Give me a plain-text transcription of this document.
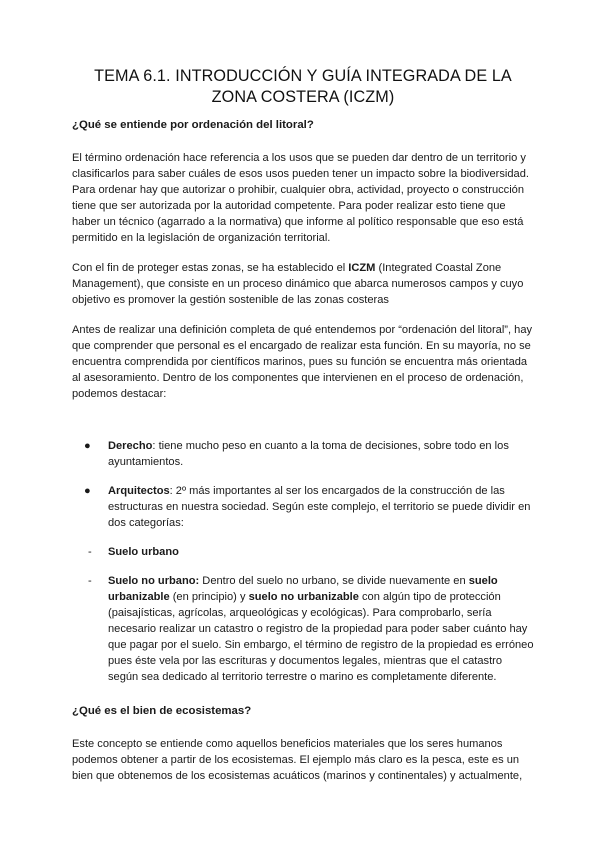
TEMA 6.1. INTRODUCCIÓN Y GUÍA INTEGRADA DE LA ZONA COSTERA (ICZM)
¿Qué se entiende por ordenación del litoral?

El término ordenación hace referencia a los usos que se pueden dar dentro de un territorio y clasificarlos para saber cuáles de esos usos pueden tener un impacto sobre la biodiversidad. Para ordenar hay que autorizar o prohibir, cualquier obra, actividad, proyecto o construcción tiene que ser autorizada por la autoridad competente. Para poder realizar esto tiene que haber un técnico (agarrado a la normativa) que informe al político responsable que eso está permitido en la legislación de organización territorial.

Con el fin de proteger estas zonas, se ha establecido el ICZM (Integrated Coastal Zone Management), que consiste en un proceso dinámico que abarca numerosos campos y cuyo objetivo es promover la gestión sostenible de las zonas costeras

Antes de realizar una definición completa de qué entendemos por “ordenación del litoral”, hay que comprender que personal es el encargado de realizar esta función. En su mayoría, no se encuentra comprendida por científicos marinos, pues su función se encuentra más orientada al asesoramiento. Dentro de los componentes que intervienen en el proceso de ordenación, podemos destacar:

● Derecho: tiene mucho peso en cuanto a la toma de decisiones, sobre todo en los ayuntamientos.
● Arquitectos: 2º más importantes al ser los encargados de la construcción de las estructuras en nuestra sociedad. Según este complejo, el territorio se puede dividir en dos categorías:
- Suelo urbano
- Suelo no urbano: Dentro del suelo no urbano, se divide nuevamente en suelo urbanizable (en principio) y suelo no urbanizable con algún tipo de protección (paisajísticas, agrícolas, arqueológicas y ecológicas). Para comprobarlo, sería necesario realizar un catastro o registro de la propiedad para poder saber cuánto hay que pagar por el suelo. Sin embargo, el término de registro de la propiedad es erróneo pues éste vela por las escrituras y documentos legales, mientras que el catastro según sea dedicado al territorio terrestre o marino es completamente diferente.
¿Qué es el bien de ecosistemas?

Este concepto se entiende como aquellos beneficios materiales que los seres humanos podemos obtener a partir de los ecosistemas. El ejemplo más claro es la pesca, este es un bien que obtenemos de los ecosistemas acuáticos (marinos y continentales) y actualmente,
